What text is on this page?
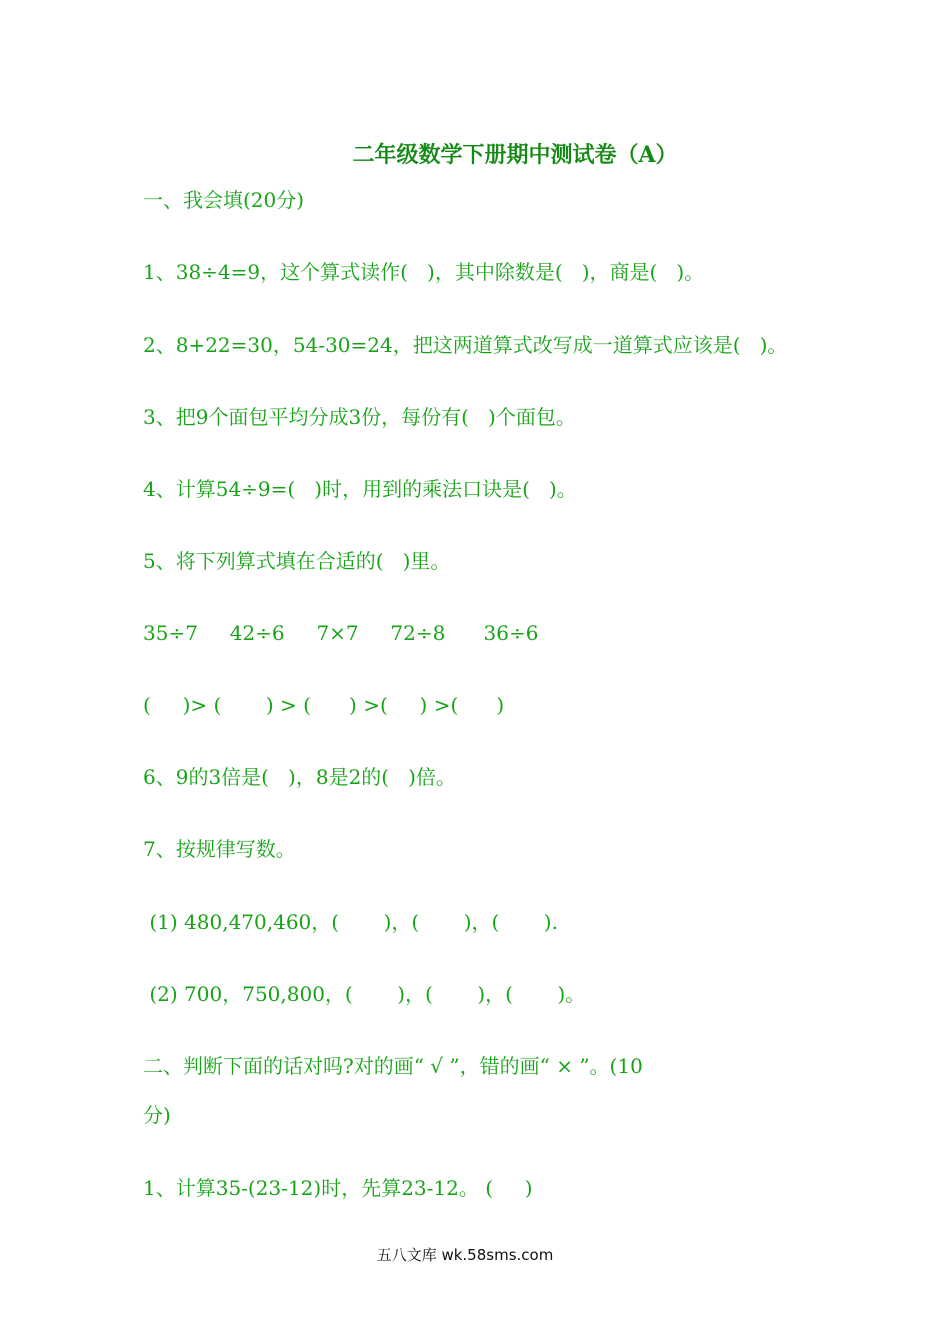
二年级数学下册期中测试卷（A）
一、我会填(20分)
1、38÷4=9，这个算式读作(   )，其中除数是(   )，商是(   )。
2、8+22=30，54-30=24，把这两道算式改写成一道算式应该是(   )。
3、把9个面包平均分成3份，每份有(   )个面包。
4、计算54÷9=(   )时，用到的乘法口诀是(   )。
5、将下列算式填在合适的(   )里。
35÷7     42÷6     7×7     72÷8      36÷6
(     )> (       ) > (      ) >(     ) >(      )
6、9的3倍是(   )，8是2的(   )倍。
7、按规律写数。
(1) 480,470,460，(       )，(       )，(       ).
(2) 700，750,800，(       )，(       )，(       )。
二、判断下面的话对吗?对的画“ √ ”，错的画“ × ”。(10
分)
1、计算35-(23-12)时，先算23-12。 (     )
五八文库 wk.58sms.com
